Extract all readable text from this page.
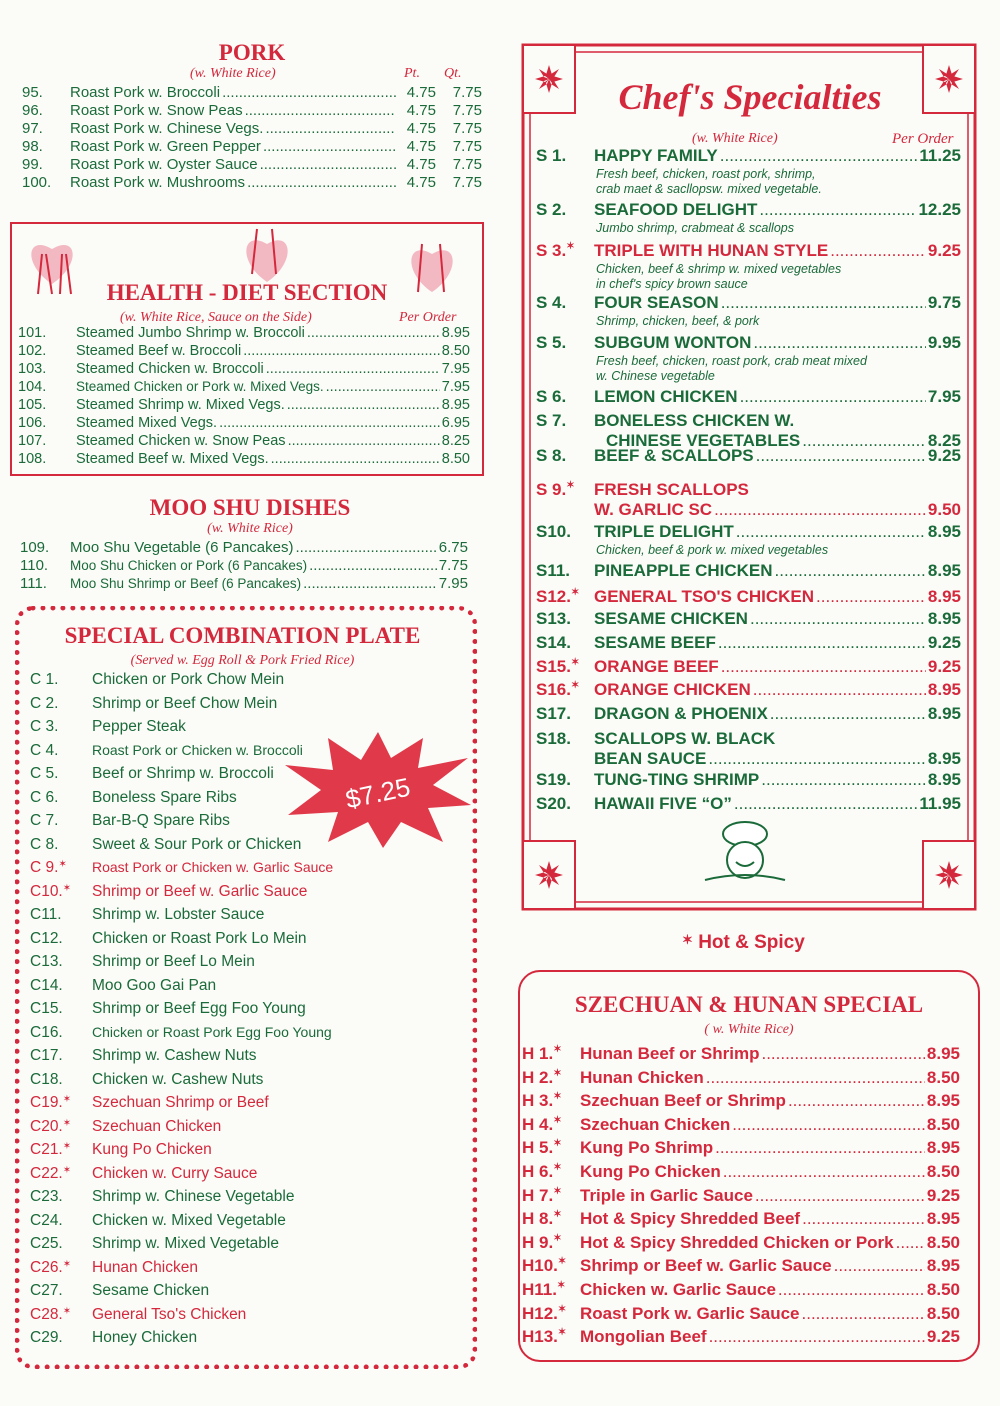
PORK
(w. White Rice)	Pt. Qt.
95.	Roast Pork w. Broccoli .....	4.75	7.75
96.	Roast Pork w. Snow Peas .....	4.75	7.75
97.	Roast Pork w. Chinese Vegs. .....	4.75	7.75
98.	Roast Pork w. Green Pepper .....	4.75	7.75
99.	Roast Pork w. Oyster Sauce .....	4.75	7.75
100.	Roast Pork w. Mushrooms .....	4.75	7.75
HEALTH - DIET SECTION
(w. White Rice, Sauce on the Side)	Per Order
101.	Steamed Jumbo Shrimp w. Broccoli .....	8.95
102.	Steamed Beef w. Broccoli .....	8.50
103.	Steamed Chicken w. Broccoli .....	7.95
104.	Steamed Chicken or Pork w. Mixed Vegs. .....	7.95
105.	Steamed Shrimp w. Mixed Vegs. .....	8.95
106.	Steamed Mixed Vegs. .....	6.95
107.	Steamed Chicken w. Snow Peas .....	8.25
108.	Steamed Beef w. Mixed Vegs. .....	8.50
MOO SHU DISHES
(w. White Rice)
109.	Moo Shu Vegetable (6 Pancakes) .....	6.75
110.	Moo Shu Chicken or Pork (6 Pancakes) .....	7.75
111.	Moo Shu Shrimp or Beef (6 Pancakes) .....	7.95
SPECIAL COMBINATION PLATE
(Served w. Egg Roll & Pork Fried Rice)
C 1. Chicken or Pork Chow Mein
C 2. Shrimp or Beef Chow Mein
C 3. Pepper Steak
C 4. Roast Pork or Chicken w. Broccoli
C 5. Beef or Shrimp w. Broccoli
C 6. Boneless Spare Ribs
C 7. Bar-B-Q Spare Ribs
C 8. Sweet & Sour Pork or Chicken
C 9.✶ Roast Pork or Chicken w. Garlic Sauce
C10.✶ Shrimp or Beef w. Garlic Sauce
C11. Shrimp w. Lobster Sauce
C12. Chicken or Roast Pork Lo Mein
C13. Shrimp or Beef Lo Mein
C14. Moo Goo Gai Pan
C15. Shrimp or Beef Egg Foo Young
C16. Chicken or Roast Pork Egg Foo Young
C17. Shrimp w. Cashew Nuts
C18. Chicken w. Cashew Nuts
C19.✶ Szechuan Shrimp or Beef
C20.✶ Szechuan Chicken
C21.✶ Kung Po Chicken
C22.✶ Chicken w. Curry Sauce
C23. Shrimp w. Chinese Vegetable
C24. Chicken w. Mixed Vegetable
C25. Shrimp w. Mixed Vegetable
C26.✶ Hunan Chicken
C27. Sesame Chicken
C28.✶ General Tso's Chicken
C29. Honey Chicken
$7.25
Chef's Specialties
(w. White Rice)	Per Order
S 1.	HAPPY FAMILY .....	11.25
Fresh beef, chicken, roast pork, shrimp,
crab maet & sacllopsw. mixed vegetable.
S 2.	SEAFOOD DELIGHT .....	12.25
Jumbo shrimp, crabmeat & scallops
S 3.✶	TRIPLE WITH HUNAN STYLE .....	9.25
Chicken, beef & shrimp w. mixed vegetables
in chef's spicy brown sauce
S 4.	FOUR SEASON .....	9.75
Shrimp, chicken, beef, & pork
S 5.	SUBGUM WONTON .....	9.95
Fresh beef, chicken, roast pork, crab meat mixed
w. Chinese vegetable
S 6.	LEMON CHICKEN .....	7.95
S 7.	BONELESS CHICKEN W.
CHINESE VEGETABLES .....	8.25
S 8.	BEEF & SCALLOPS .....	9.25
S 9.✶	FRESH SCALLOPS
W. GARLIC SC .....	9.50
S10.	TRIPLE DELIGHT .....	8.95
Chicken, beef & pork w. mixed vegetables
S11.	PINEAPPLE CHICKEN .....	8.95
S12.✶ GENERAL TSO'S CHICKEN .....	8.95
S13.	SESAME CHICKEN .....	8.95
S14.	SESAME BEEF .....	9.25
S15.✶ ORANGE BEEF .....	9.25
S16.✶ ORANGE CHICKEN .....	8.95
S17.	DRAGON & PHOENIX .....	8.95
S18.	SCALLOPS W. BLACK
BEAN SAUCE .....	8.95
S19.	TUNG-TING SHRIMP .....	8.95
S20.	HAWAII FIVE “O” .....	11.95
✶ Hot & Spicy
SZECHUAN & HUNAN SPECIAL
( w. White Rice)
H 1.✶	Hunan Beef or Shrimp .....	8.95
H 2.✶	Hunan Chicken .....	8.50
H 3.✶	Szechuan Beef or Shrimp .....	8.95
H 4.✶	Szechuan Chicken .....	8.50
H 5.✶	Kung Po Shrimp .....	8.95
H 6.✶	Kung Po Chicken .....	8.50
H 7.✶	Triple in Garlic Sauce .....	9.25
H 8.✶	Hot & Spicy Shredded Beef .....	8.95
H 9.✶	Hot & Spicy Shredded Chicken or Pork ..... 8.50
H10.✶ Shrimp or Beef w. Garlic Sauce .....	8.95
H11.✶ Chicken w. Garlic Sauce .....	8.50
H12.✶ Roast Pork w. Garlic Sauce .....	8.50
H13.✶ Mongolian Beef .....	9.25
